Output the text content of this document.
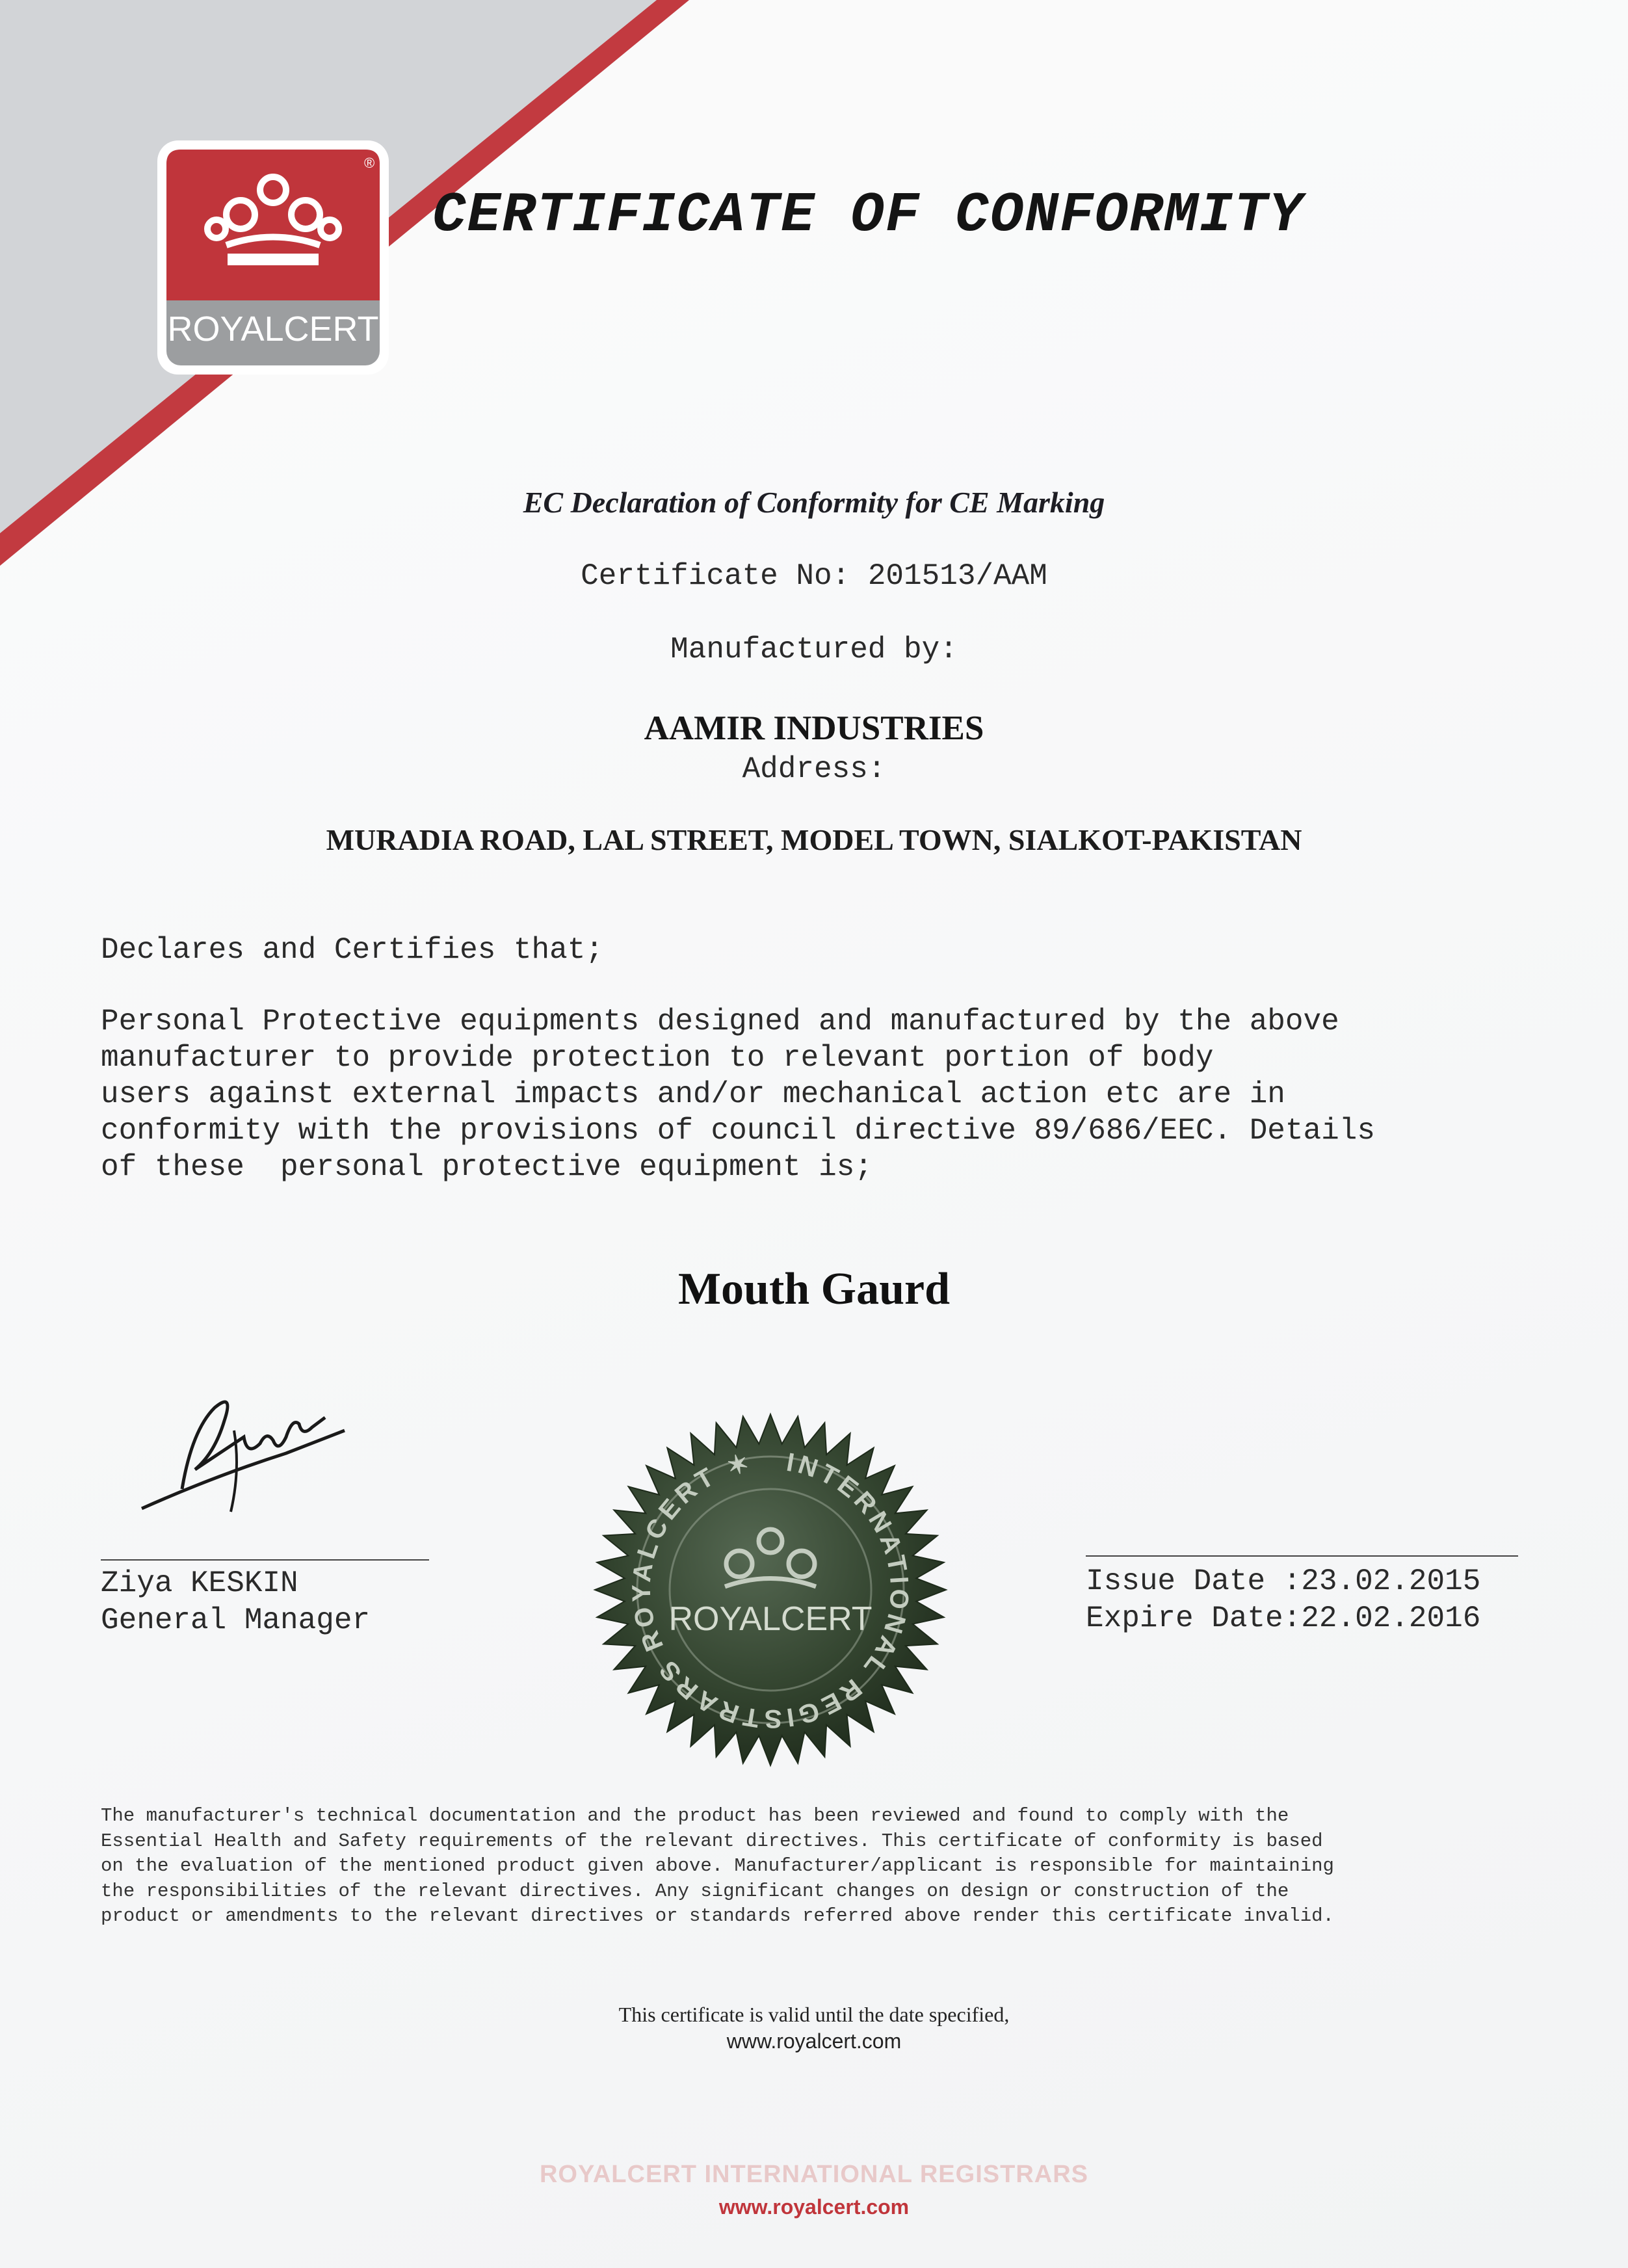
®
ROYALCERT
CERTIFICATE OF CONFORMITY

EC Declaration of Conformity for CE Marking

Certificate No: 201513/AAM

Manufactured by:

AAMIR INDUSTRIES

Address:

MURADIA ROAD, LAL STREET, MODEL TOWN, SIALKOT-PAKISTAN

Declares and Certifies that;

Personal Protective equipments designed and manufactured by the above
manufacturer to provide protection to relevant portion of body
users against external impacts and/or mechanical action etc are in
conformity with the provisions of council directive 89/686/EEC. Details
of these  personal protective equipment is;

Mouth Gaurd

Ziya KESKIN
General Manager

INTERNATIONAL REGISTRARS ROYALCERT ✶
ROYALCERT

Issue Date :23.02.2015
Expire Date:22.02.2016

The manufacturer's technical documentation and the product has been reviewed and found to comply with the
Essential Health and Safety requirements of the relevant directives. This certificate of conformity is based
on the evaluation of the mentioned product given above. Manufacturer/applicant is responsible for maintaining
the responsibilities of the relevant directives. Any significant changes on design or construction of the
product or amendments to the relevant directives or standards referred above render this certificate invalid.

This certificate is valid until the date specified,

www.royalcert.com

ROYALCERT INTERNATIONAL REGISTRARS

www.royalcert.com
